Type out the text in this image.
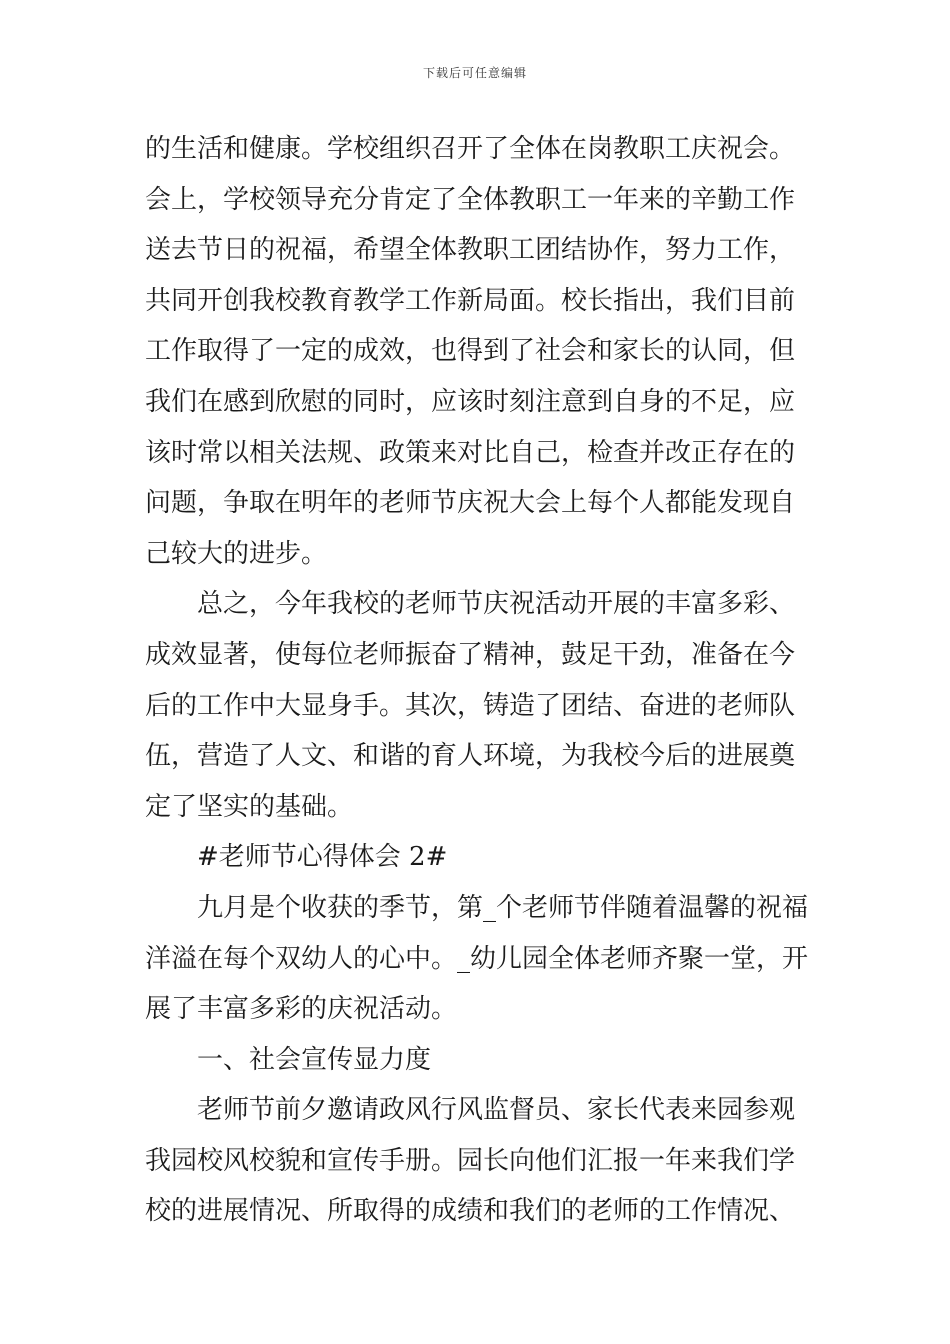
下载后可任意编辑
的生活和健康。学校组织召开了全体在岗教职工庆祝会。
会上，学校领导充分肯定了全体教职工一年来的辛勤工作
送去节日的祝福，希望全体教职工团结协作，努力工作，
共同开创我校教育教学工作新局面。校长指出，我们目前
工作取得了一定的成效，也得到了社会和家长的认同，但
我们在感到欣慰的同时，应该时刻注意到自身的不足，应
该时常以相关法规、政策来对比自己，检查并改正存在的
问题，争取在明年的老师节庆祝大会上每个人都能发现自
己较大的进步。
总之，今年我校的老师节庆祝活动开展的丰富多彩、
成效显著，使每位老师振奋了精神，鼓足干劲，准备在今
后的工作中大显身手。其次，铸造了团结、奋进的老师队
伍，营造了人文、和谐的育人环境，为我校今后的进展奠
定了坚实的基础。
#老师节心得体会 2#
九月是个收获的季节，第_个老师节伴随着温馨的祝福
洋溢在每个双幼人的心中。_幼儿园全体老师齐聚一堂，开
展了丰富多彩的庆祝活动。
一、社会宣传显力度
老师节前夕邀请政风行风监督员、家长代表来园参观
我园校风校貌和宣传手册。园长向他们汇报一年来我们学
校的进展情况、所取得的成绩和我们的老师的工作情况、
